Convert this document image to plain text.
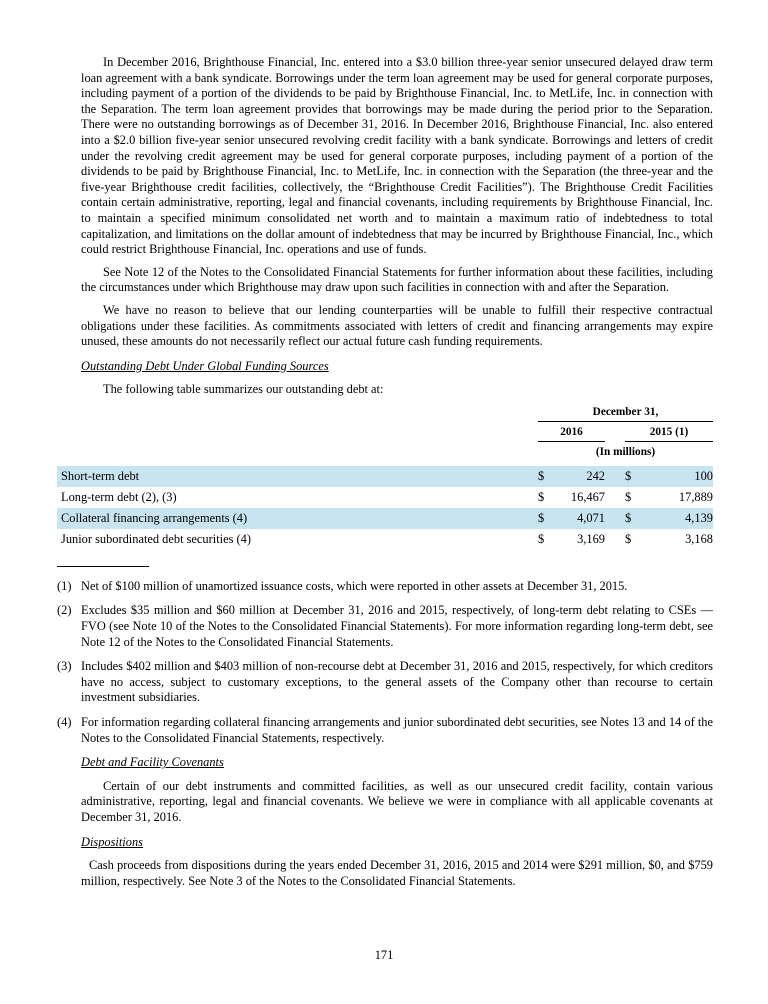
In December 2016, Brighthouse Financial, Inc. entered into a $3.0 billion three-year senior unsecured delayed draw term loan agreement with a bank syndicate. Borrowings under the term loan agreement may be used for general corporate purposes, including payment of a portion of the dividends to be paid by Brighthouse Financial, Inc. to MetLife, Inc. in connection with the Separation. The term loan agreement provides that borrowings may be made during the period prior to the Separation. There were no outstanding borrowings as of December 31, 2016. In December 2016, Brighthouse Financial, Inc. also entered into a $2.0 billion five-year senior unsecured revolving credit facility with a bank syndicate. Borrowings and letters of credit under the revolving credit agreement may be used for general corporate purposes, including payment of a portion of the dividends to be paid by Brighthouse Financial, Inc. to MetLife, Inc. in connection with the Separation (the three-year and the five-year Brighthouse credit facilities, collectively, the “Brighthouse Credit Facilities”). The Brighthouse Credit Facilities contain certain administrative, reporting, legal and financial covenants, including requirements by Brighthouse Financial, Inc. to maintain a specified minimum consolidated net worth and to maintain a maximum ratio of indebtedness to total capitalization, and limitations on the dollar amount of indebtedness that may be incurred by Brighthouse Financial, Inc., which could restrict Brighthouse Financial, Inc. operations and use of funds.

See Note 12 of the Notes to the Consolidated Financial Statements for further information about these facilities, including the circumstances under which Brighthouse may draw upon such facilities in connection with and after the Separation.

We have no reason to believe that our lending counterparties will be unable to fulfill their respective contractual obligations under these facilities. As commitments associated with letters of credit and financing arrangements may expire unused, these amounts do not necessarily reflect our actual future cash funding requirements.

Outstanding Debt Under Global Funding Sources

The following table summarizes our outstanding debt at:

December 31,
2016	2015 (1)
(In millions)
Short-term debt	$	242 $	100
Long-term debt (2), (3)	$ 16,467 $	17,889
Collateral financing arrangements (4)	$	4,071 $	4,139
Junior subordinated debt securities (4)	$	3,169 $	3,168
(1) Net of $100 million of unamortized issuance costs, which were reported in other assets at December 31, 2015.
(2) Excludes $35 million and $60 million at December 31, 2016 and 2015, respectively, of long-term debt relating to CSEs — FVO (see Note 10 of the Notes to the Consolidated Financial Statements). For more information regarding long-term debt, see Note 12 of the Notes to the Consolidated Financial Statements.
(3) Includes $402 million and $403 million of non-recourse debt at December 31, 2016 and 2015, respectively, for which creditors have no access, subject to customary exceptions, to the general assets of the Company other than recourse to certain investment subsidiaries.
(4) For information regarding collateral financing arrangements and junior subordinated debt securities, see Notes 13 and 14 of the Notes to the Consolidated Financial Statements, respectively.
Debt and Facility Covenants

Certain of our debt instruments and committed facilities, as well as our unsecured credit facility, contain various administrative, reporting, legal and financial covenants. We believe we were in compliance with all applicable covenants at December 31, 2016.

Dispositions

Cash proceeds from dispositions during the years ended December 31, 2016, 2015 and 2014 were $291 million, $0, and $759 million, respectively. See Note 3 of the Notes to the Consolidated Financial Statements.

171
